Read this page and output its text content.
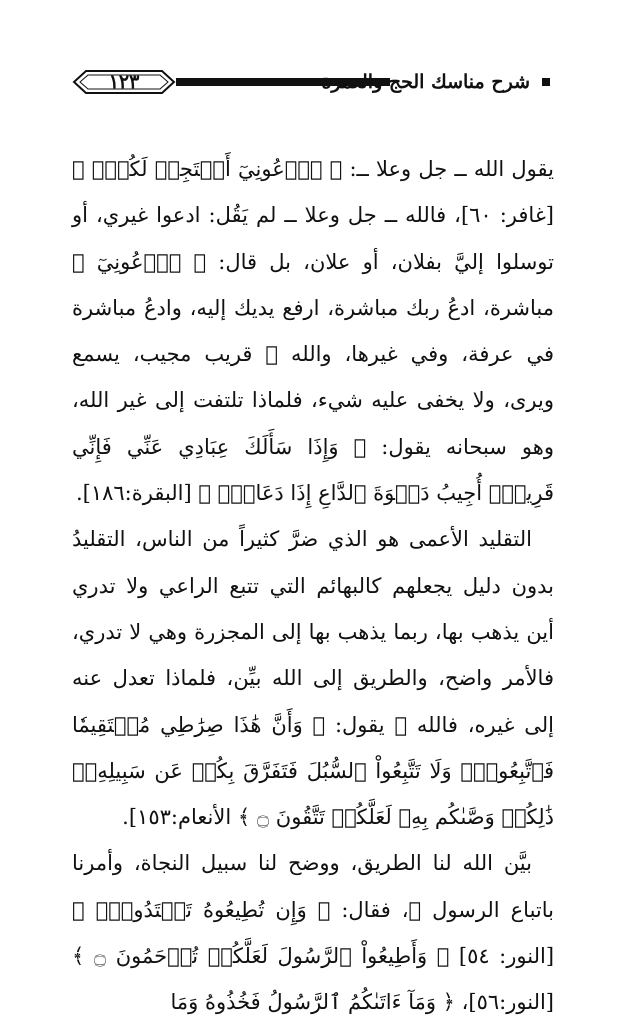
١٢٣	شرح مناسك الحج والعمرة

يقول الله ــ جل وعلا ــ: ﴿ ٱدۡعُونِيٓ أَسۡتَجِبۡ لَكُمۡۚ ﴾ [غافر: ٦٠]، فالله ــ جل وعلا ــ لم يَقُل: ادعوا غيري، أو توسلوا إليَّ بفلان، أو علان، بل قال: ﴿ ٱدۡعُونِيٓ ﴾ مباشرة، ادعُ ربك مباشرة، ارفع يديك إليه، وادعُ مباشرة في عرفة، وفي غيرها، والله ﷻ قريب مجيب، يسمع ويرى، ولا يخفى عليه شيء، فلماذا تلتفت إلى غير الله، وهو سبحانه يقول: ﴿ وَإِذَا سَأَلَكَ عِبَادِي عَنِّي فَإِنِّي قَرِيبٌۖ أُجِيبُ دَعۡوَةَ ٱلدَّاعِ إِذَا دَعَانِۖ ﴾ [البقرة:١٨٦].

التقليد الأعمى هو الذي ضرَّ كثيراً من الناس، التقليدُ بدون دليل يجعلهم كالبهائم التي تتبع الراعي ولا تدري أين يذهب بها، ربما يذهب بها إلى المجزرة وهي لا تدري، فالأمر واضح، والطريق إلى الله بيِّن، فلماذا تعدل عنه إلى غيره، فالله ﷻ يقول: ﴿ وَأَنَّ هَٰذَا صِرَٰطِي مُسۡتَقِيمٗا فَٱتَّبِعُوهُۖ وَلَا تَتَّبِعُواْ ٱلسُّبُلَ فَتَفَرَّقَ بِكُمۡ عَن سَبِيلِهِۦۚ ذَٰلِكُمۡ وَصَّىٰكُم بِهِۦ لَعَلَّكُمۡ تَتَّقُونَ ۝ ﴾ الأنعام:١٥٣].

بيَّن الله لنا الطريق، ووضح لنا سبيل النجاة، وأمرنا باتباع الرسول ﷺ، فقال: ﴿ وَإِن تُطِيعُوهُ تَهۡتَدُواْۚ ﴾ [النور: ٥٤] ﴿ وَأَطِيعُواْ ٱلرَّسُولَ لَعَلَّكُمۡ تُرۡحَمُونَ ۝ ﴾ [النور:٥٦]، ﴿ وَمَآ ءَاتَىٰكُمُ ٱلرَّسُولُ فَخُذُوهُ وَمَا
